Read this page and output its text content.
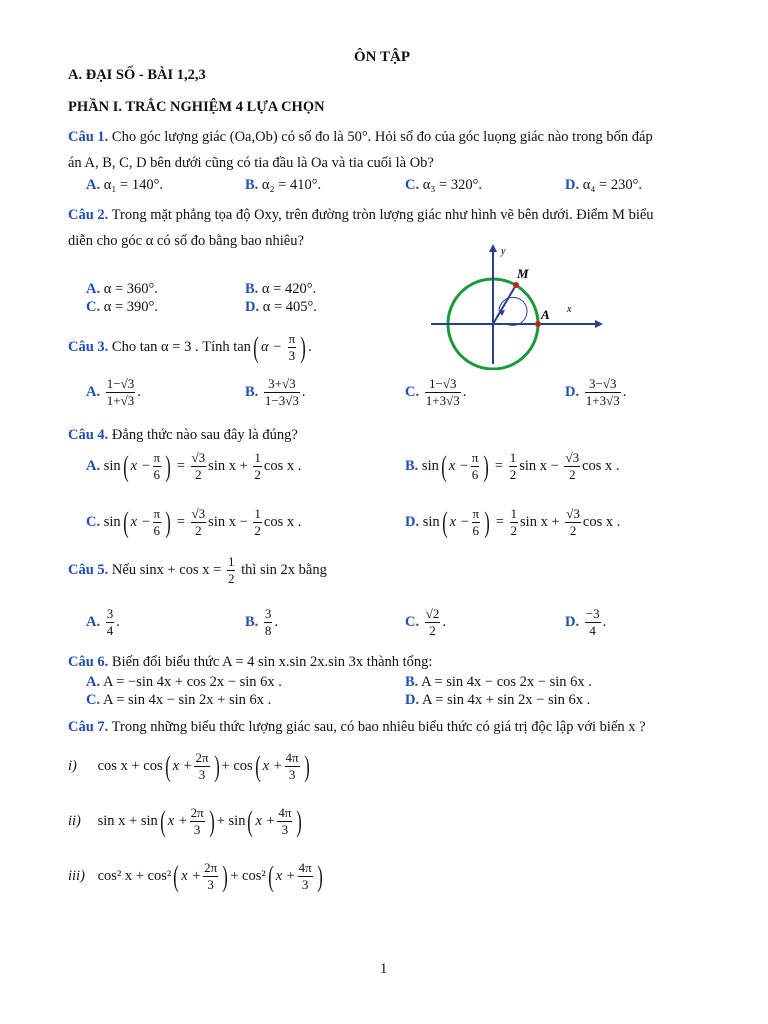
ÔN TẬP
A. ĐẠI SỐ - BÀI 1,2,3
PHẦN I. TRẮC NGHIỆM 4 LỰA CHỌN
Câu 1. Cho góc lượng giác (Oa,Ob) có số đo là 50°. Hỏi số đo của góc luọng giác nào trong bốn đáp
án A, B, C, D bên dưới cũng có tia đầu là Oa và tia cuối là Ob?
A. α₁ = 140°.	B. α₂ = 410°.	C. α₃ = 320°.	D. α₄ = 230°.
Câu 2. Trong mặt phẳng tọa độ Oxy, trên đường tròn lượng giác như hình vẽ bên dưới. Điểm M biểu
diễn cho góc α có số đo bằng bao nhiêu?
A. α = 360°.	B. α = 420°.
C. α = 390°.	D. α = 405°.
y
x
M
A
Câu 3. Cho tan α = 3 . Tính tan( $\alpha - \frac{\pi}{3}$ ) .
A. $\frac{1-√3}{1+√3}$ .	B. $\frac{3+√3}{1-3√3}$ .	C. $\frac{1-√3}{1+3√3}$ .	D. $\frac{3-√3}{1+3√3}$ .
Câu 4. Đẳng thức nào sau đây là đúng?
A. sin( $x - \frac{\pi}{6}$ ) = $\frac{√3}{2}$ $\sin x + \frac{1}{2}$ cos x .	B. sin( $x - \frac{\pi}{6}$ ) = $\frac{1}{2}$ $\sin x - \frac{√3}{2}$ cos x .
C. sin( $x - \frac{\pi}{6}$ ) = $\frac{√3}{2}$ $\sin x - \frac{1}{2}$ cos x .	D. sin( $x - \frac{\pi}{6}$ ) = $\frac{1}{2}$ $\sin x + \frac{√3}{2}$ cos x .
Câu 5. Nếu $\sin x + \cos x = \frac{1}{2}$ thì sin 2x bằng
A. $\frac{3}{4}$ .	B. $\frac{3}{8}$ .	C. $\frac{√2}{2}$ .	D. $\frac{-3}{4}$ .
Câu 6. Biến đổi biểu thức A = 4 sin x.sin 2x.sin 3x thành tổng:
A. A = −sin 4x + cos 2x − sin 6x .	B. A = sin 4x − cos 2x − sin 6x .
C. A = sin 4x − sin 2x + sin 6x .	D. A = sin 4x + sin 2x − sin 6x .
Câu 7. Trong những biểu thức lượng giác sau, có bao nhiêu biểu thức có giá trị độc lập với biến x ?
i) cos x + cos( $x + \frac{2\pi}{3}$ ) + cos( $x + \frac{4\pi}{3}$ )
ii) sin x + sin( $x + \frac{2\pi}{3}$ ) + sin( $x + \frac{4\pi}{3}$ )
iii) cos² x + cos²( $x + \frac{2\pi}{3}$ ) + cos²( $x + \frac{4\pi}{3}$ )
1
